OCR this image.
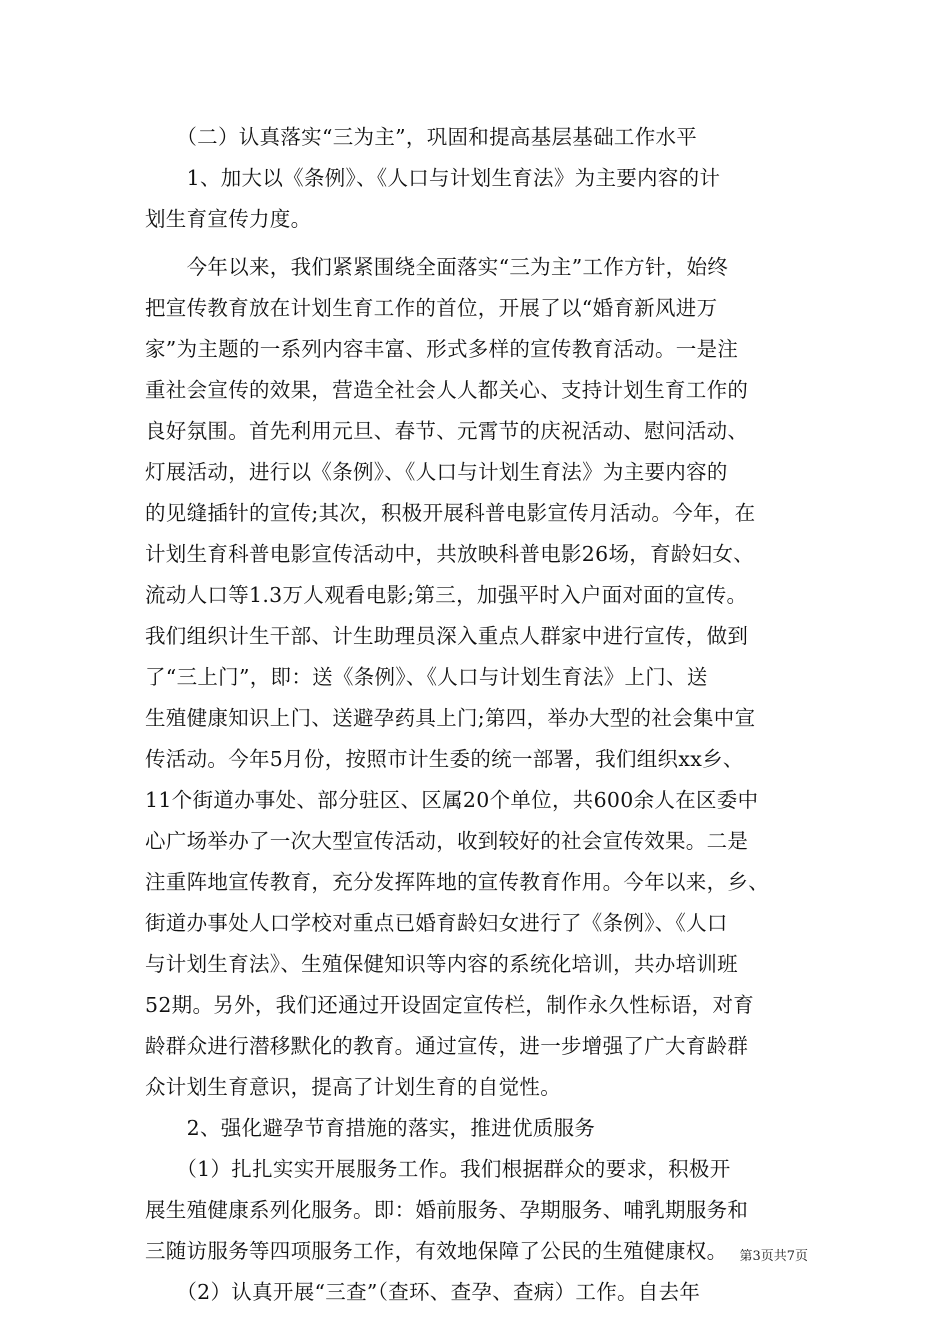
　　（二）认真落实“三为主”，巩固和提高基层基础工作水平
　　1、加大以《条例》、《人口与计划生育法》为主要内容的计
划生育宣传力度。
　　今年以来，我们紧紧围绕全面落实“三为主”工作方针，始终
把宣传教育放在计划生育工作的首位，开展了以“婚育新风进万
家”为主题的一系列内容丰富、形式多样的宣传教育活动。一是注
重社会宣传的效果，营造全社会人人都关心、支持计划生育工作的
良好氛围。首先利用元旦、春节、元霄节的庆祝活动、慰问活动、
灯展活动，进行以《条例》、《人口与计划生育法》为主要内容的
的见缝插针的宣传;其次，积极开展科普电影宣传月活动。今年，在
计划生育科普电影宣传活动中，共放映科普电影26场，育龄妇女、
流动人口等1.3万人观看电影;第三，加强平时入户面对面的宣传。
我们组织计生干部、计生助理员深入重点人群家中进行宣传，做到
了“三上门”，即：送《条例》、《人口与计划生育法》上门、送
生殖健康知识上门、送避孕药具上门;第四，举办大型的社会集中宣
传活动。今年5月份，按照市计生委的统一部署，我们组织xx乡、
11个街道办事处、部分驻区、区属20个单位，共600余人在区委中
心广场举办了一次大型宣传活动，收到较好的社会宣传效果。二是
注重阵地宣传教育，充分发挥阵地的宣传教育作用。今年以来，乡、
街道办事处人口学校对重点已婚育龄妇女进行了《条例》、《人口
与计划生育法》、生殖保健知识等内容的系统化培训，共办培训班
52期。另外，我们还通过开设固定宣传栏，制作永久性标语，对育
龄群众进行潜移默化的教育。通过宣传，进一步增强了广大育龄群
众计划生育意识，提高了计划生育的自觉性。
　　2、强化避孕节育措施的落实，推进优质服务
　　（1）扎扎实实开展服务工作。我们根据群众的要求，积极开
展生殖健康系列化服务。即：婚前服务、孕期服务、哺乳期服务和
三随访服务等四项服务工作，有效地保障了公民的生殖健康权。
　　（2）认真开展“三查”（查环、查孕、查病）工作。自去年
第3页共7页
